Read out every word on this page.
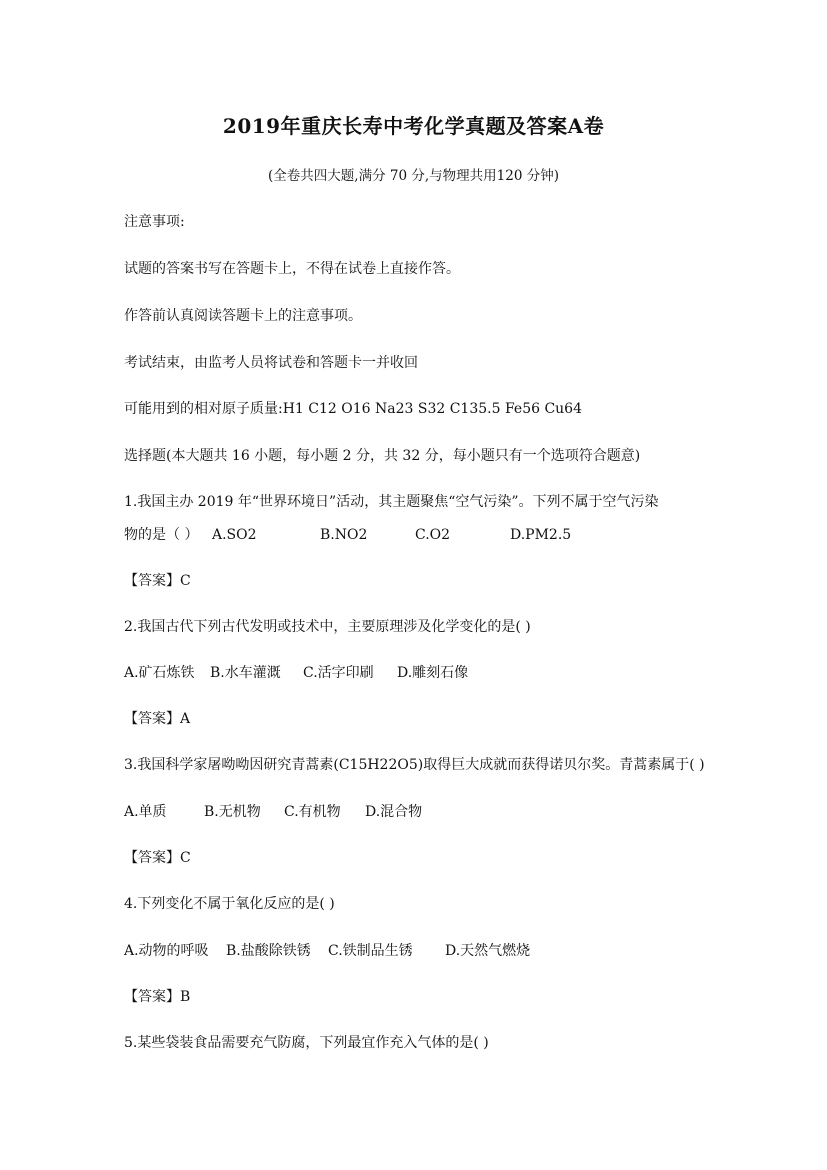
2019年重庆长寿中考化学真题及答案A卷
(全卷共四大题,满分 70 分,与物理共用120 分钟)
注意事项:
试题的答案书写在答题卡上，不得在试卷上直接作答。
作答前认真阅读答题卡上的注意事项。
考试结束，由监考人员将试卷和答题卡一并收回
可能用到的相对原子质量:H1 C12 O16 Na23 S32 C135.5 Fe56 Cu64
选择题(本大题共 16 小题，每小题 2 分，共 32 分，每小题只有一个选项符合题意)
1.我国主办 2019 年“世界环境日”活动，其主题聚焦“空气污染”。下列不属于空气污染
物的是（ ） A.SO2	B.NO2	C.O2	D.PM2.5
【答案】C
2.我国古代下列古代发明或技术中，主要原理涉及化学变化的是( )
A.矿石炼铁 B.水车灌溉 C.活字印刷 D.雕刻石像
【答案】A
3.我国科学家屠呦呦因研究青蒿素(C15H22O5)取得巨大成就而获得诺贝尔奖。青蒿素属于( )
A.单质	B.无机物 C.有机物 D.混合物
【答案】C
4.下列变化不属于氧化反应的是( )
A.动物的呼吸 B.盐酸除铁锈 C.铁制品生锈 D.天然气燃烧
【答案】B
5.某些袋装食品需要充气防腐，下列最宜作充入气体的是( )
